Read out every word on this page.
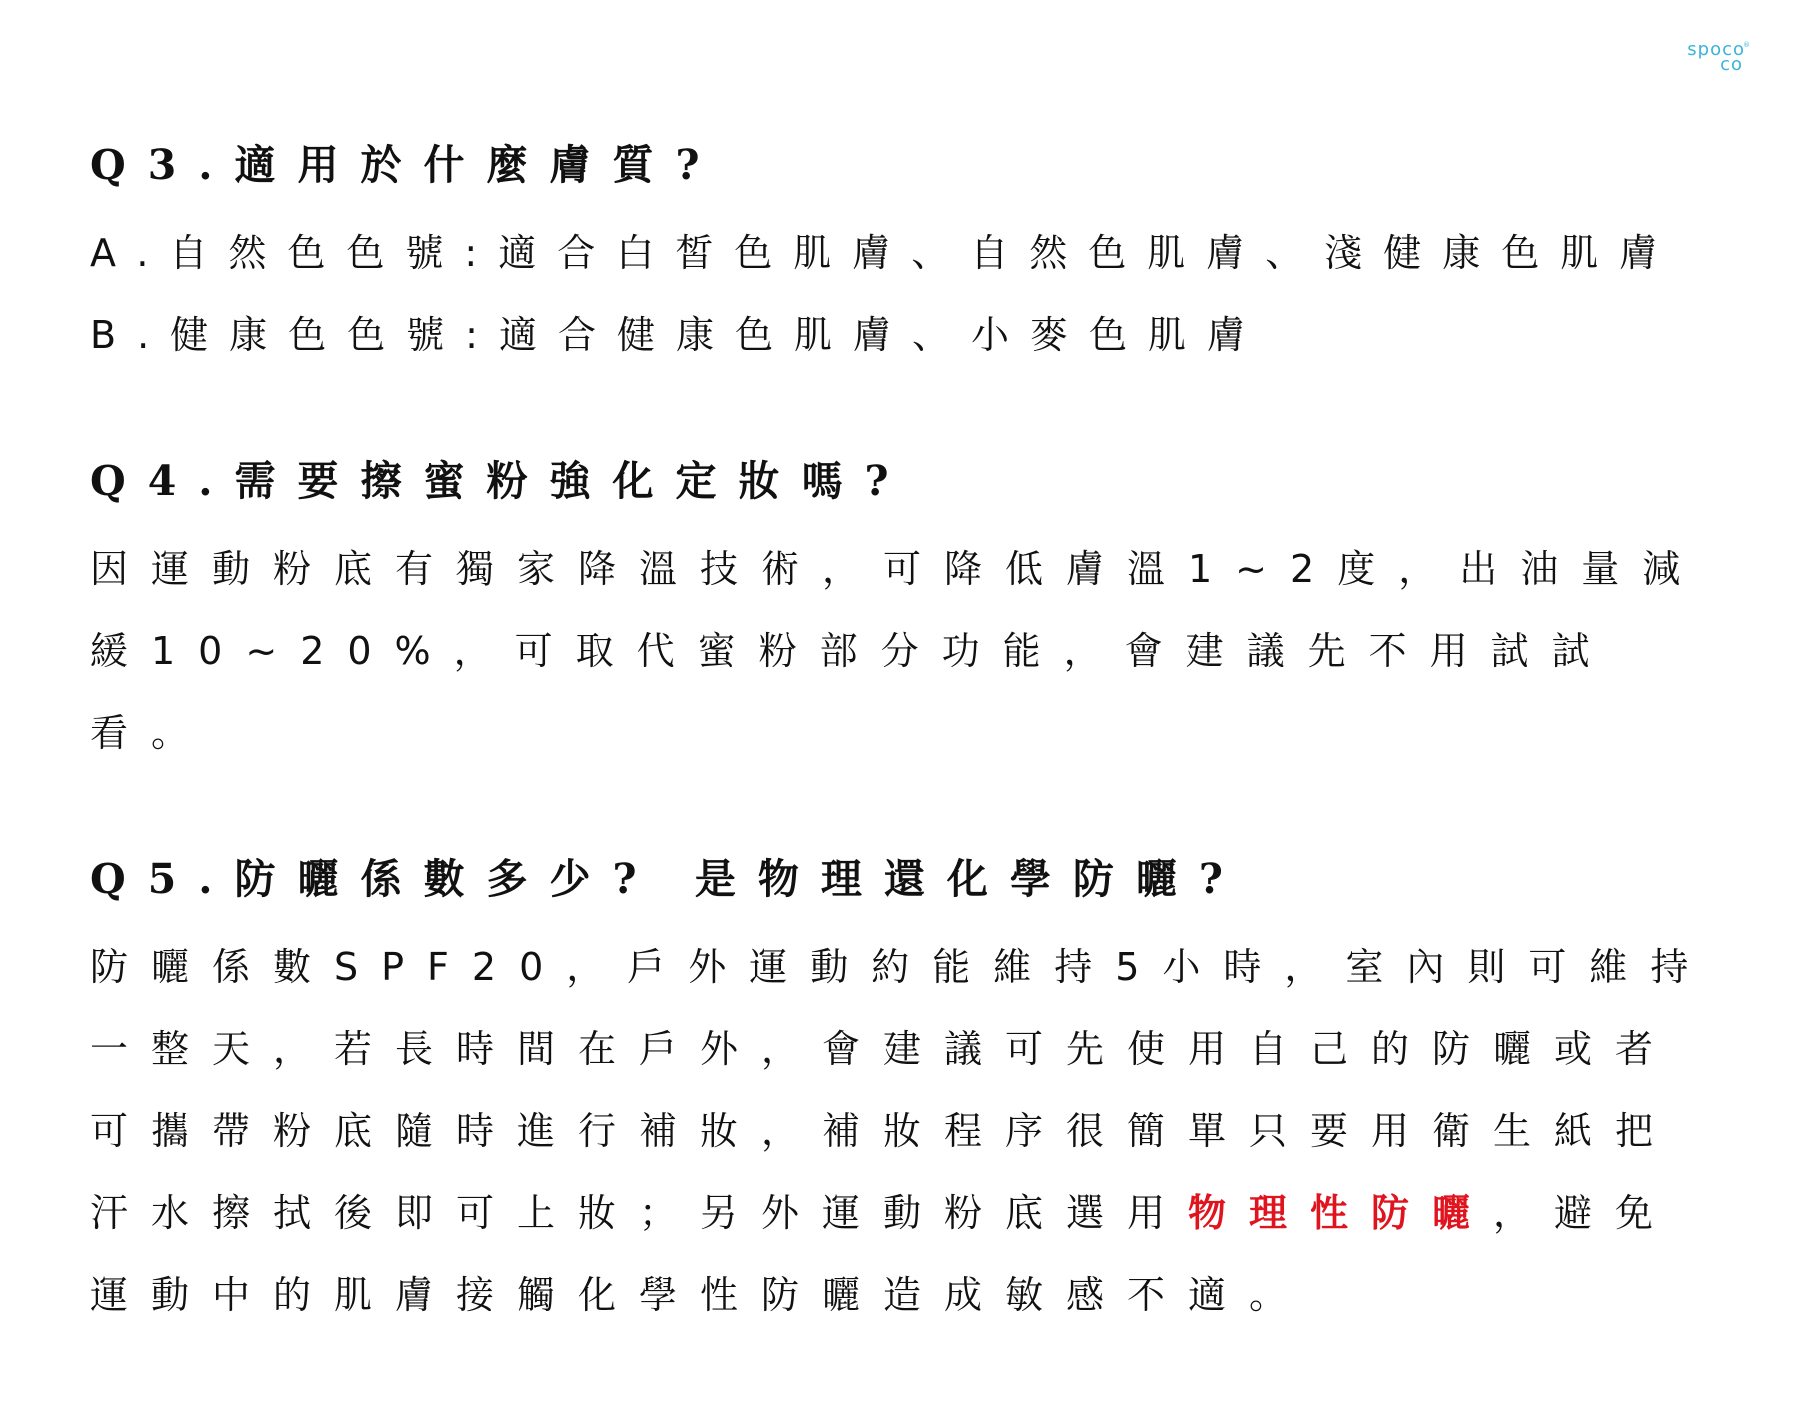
spoco
co
®
Q3.適用於什麼膚質?
A.自然色色號:適合白皙色肌膚、自然色肌膚、淺健康色肌膚
B.健康色色號:適合健康色肌膚、小麥色肌膚
Q4.需要擦蜜粉強化定妝嗎?
因運動粉底有獨家降溫技術，可降低膚溫1~2度，出油量減緩10~20%，可取代蜜粉部分功能，會建議先不用試試看。
Q5.防曬係數多少? 是物理還化學防曬?
防曬係數SPF20，戶外運動約能維持5小時，室內則可維持一整天，若長時間在戶外，會建議可先使用自己的防曬或者可攜帶粉底隨時進行補妝，補妝程序很簡單只要用衛生紙把汗水擦拭後即可上妝；另外運動粉底選用物理性防曬，避免運動中的肌膚接觸化學性防曬造成敏感不適。
